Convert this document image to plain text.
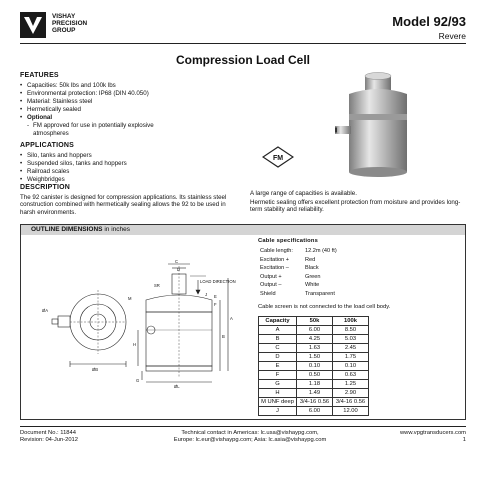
VISHAY
PRECISION
GROUP
Model 92/93
Revere
Compression Load Cell
FEATURES
• Capacities: 50k lbs and 100k lbs
• Environmental protection: IP68 (DIN 40.050)
• Material: Stainless steel
• Hermetically sealed
• Optional
- FM approved for use in potentially explosive atmospheres
APPLICATIONS
• Silo, tanks and hoppers
• Suspended silos, tanks and hoppers
• Railroad scales
• Weighbridges
DESCRIPTION
The 92 canister is designed for compression applications. Its stainless steel construction combined with hermetically sealing allows the 92 to be used in harsh environments.
A large range of capacities is available.
Hermetic sealing offers excellent protection from moisture and provides long-term stability and reliability.
FM
OUTLINE DIMENSIONS in inches
C
D
LOAD DIRECTION
SR
J E
F
A
B
H
G
M
ØB
ØL
ØA
Cable specifications
Cable length:	12.2m (40 ft)
Excitation +	Red
Excitation –	Black
Output +	Green
Output –	White
Shield	Transparent
Cable screen is not connected to the load cell body.
Capacity	50k	100k
A	6.00	8.50
B	4.25	5.03
C	1.63	2.45
D	1.50	1.75
E	0.10	0.10
F	0.50	0.63
G	1.18	1.25
H	1.49	2.90
M UNF deep	3/4-16 0.56	3/4-16 0.56
J	6.00	12.00
Document No.: 11844
Revision: 04-Jun-2012
Technical contact in Americas: lc.usa@vishaypg.com,
Europe: lc.eur@vishaypg.com; Asia: lc.asia@vishaypg.com
www.vpgtransducers.com
1
